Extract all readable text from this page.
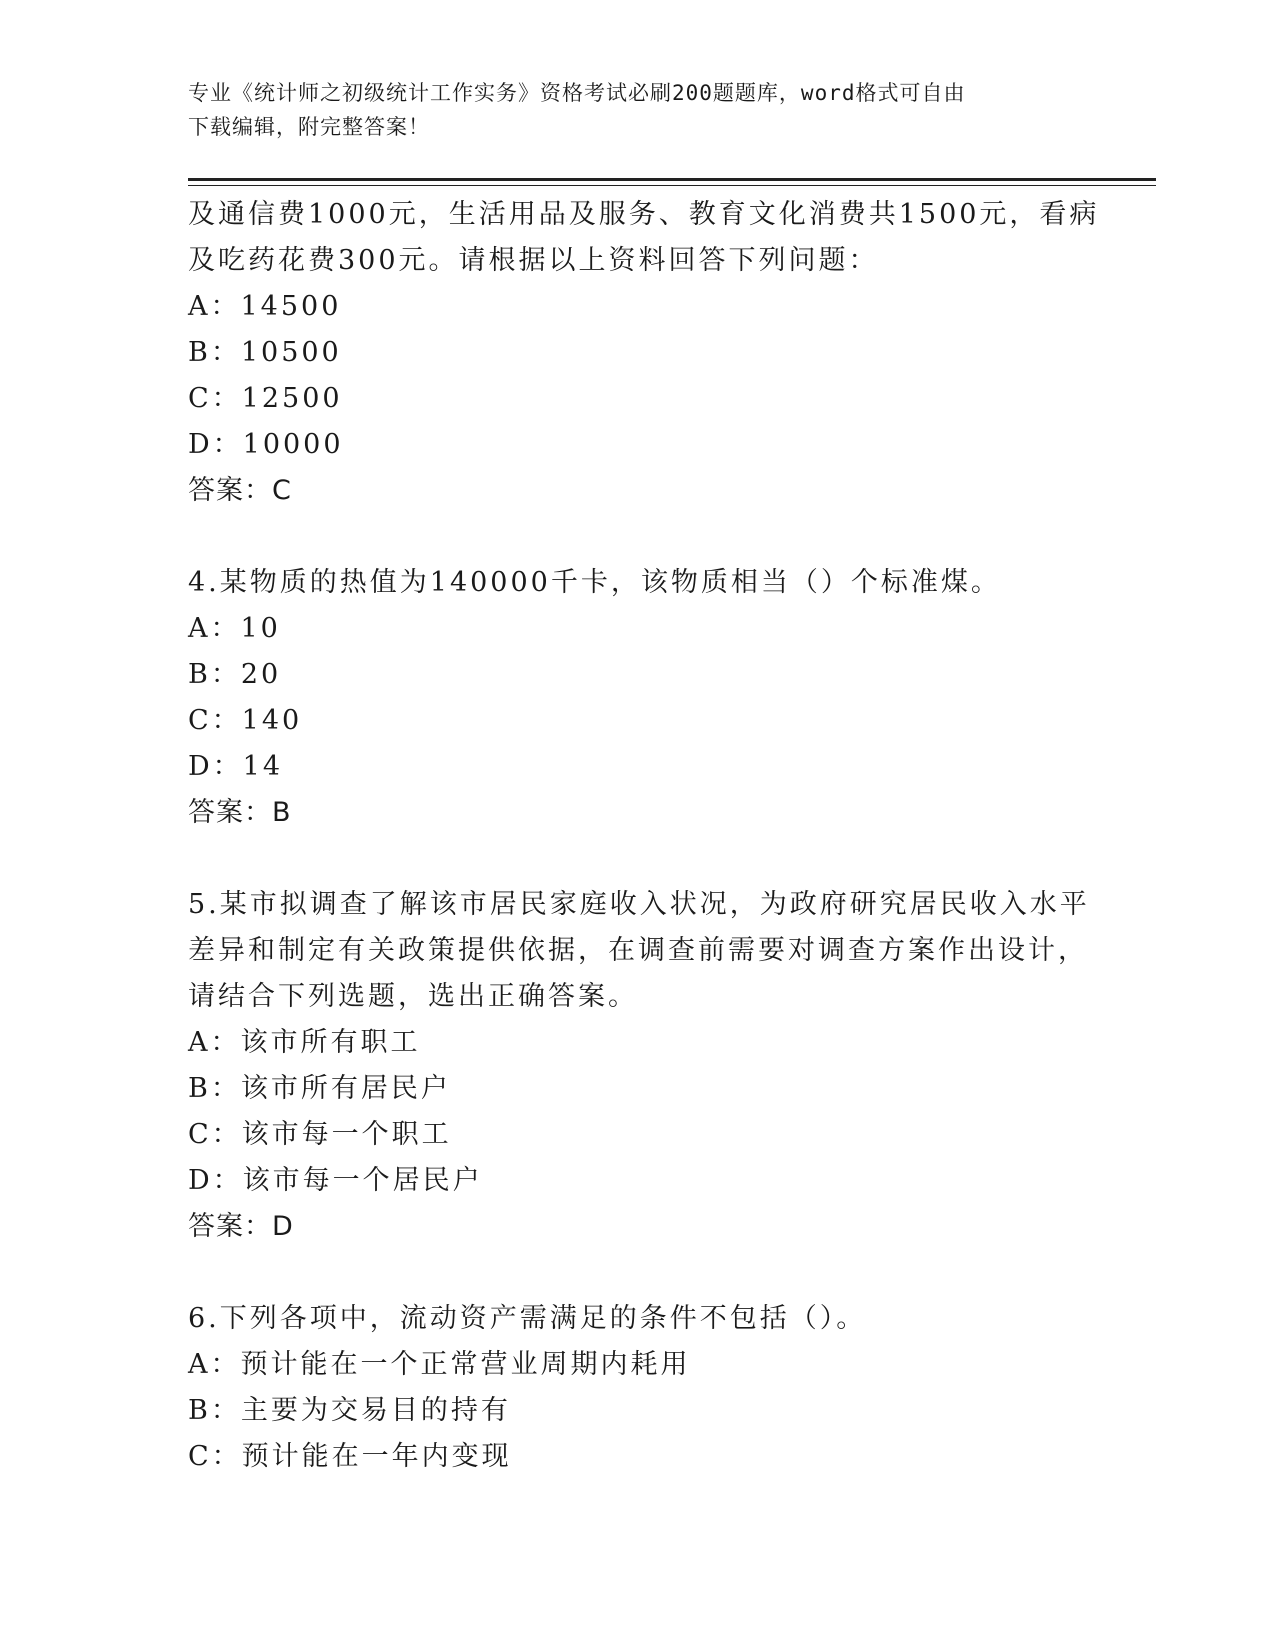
专业《统计师之初级统计工作实务》资格考试必刷200题题库，word格式可自由
下载编辑，附完整答案！
及通信费1000元，生活用品及服务、教育文化消费共1500元，看病
及吃药花费300元。请根据以上资料回答下列问题：
A：14500
B：10500
C：12500
D：10000
答案：C
4.某物质的热值为140000千卡，该物质相当（）个标准煤。
A：10
B：20
C：140
D：14
答案：B
5.某市拟调查了解该市居民家庭收入状况，为政府研究居民收入水平
差异和制定有关政策提供依据，在调查前需要对调查方案作出设计，
请结合下列选题，选出正确答案。
A：该市所有职工
B：该市所有居民户
C：该市每一个职工
D：该市每一个居民户
答案：D
6.下列各项中，流动资产需满足的条件不包括（）。
A：预计能在一个正常营业周期内耗用
B：主要为交易目的持有
C：预计能在一年内变现
